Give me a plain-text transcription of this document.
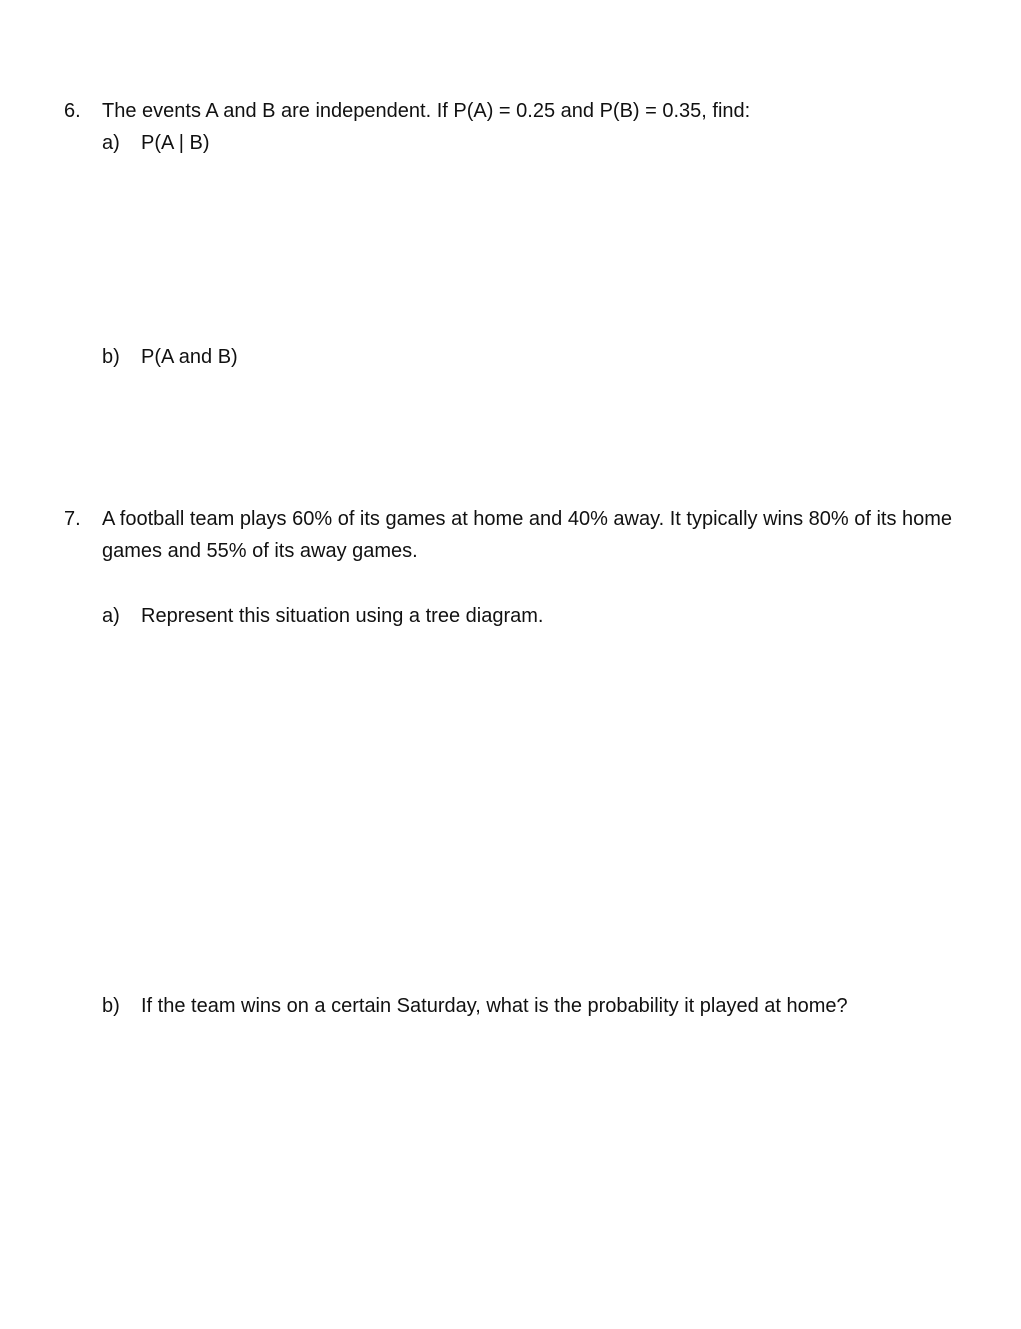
6. The events A and B are independent. If P(A) = 0.25 and P(B) = 0.35, find:
a) P(A | B)
b) P(A and B)
7. A football team plays 60% of its games at home and 40% away. It typically wins 80% of its home
games and 55% of its away games.
a) Represent this situation using a tree diagram.
b) If the team wins on a certain Saturday, what is the probability it played at home?
